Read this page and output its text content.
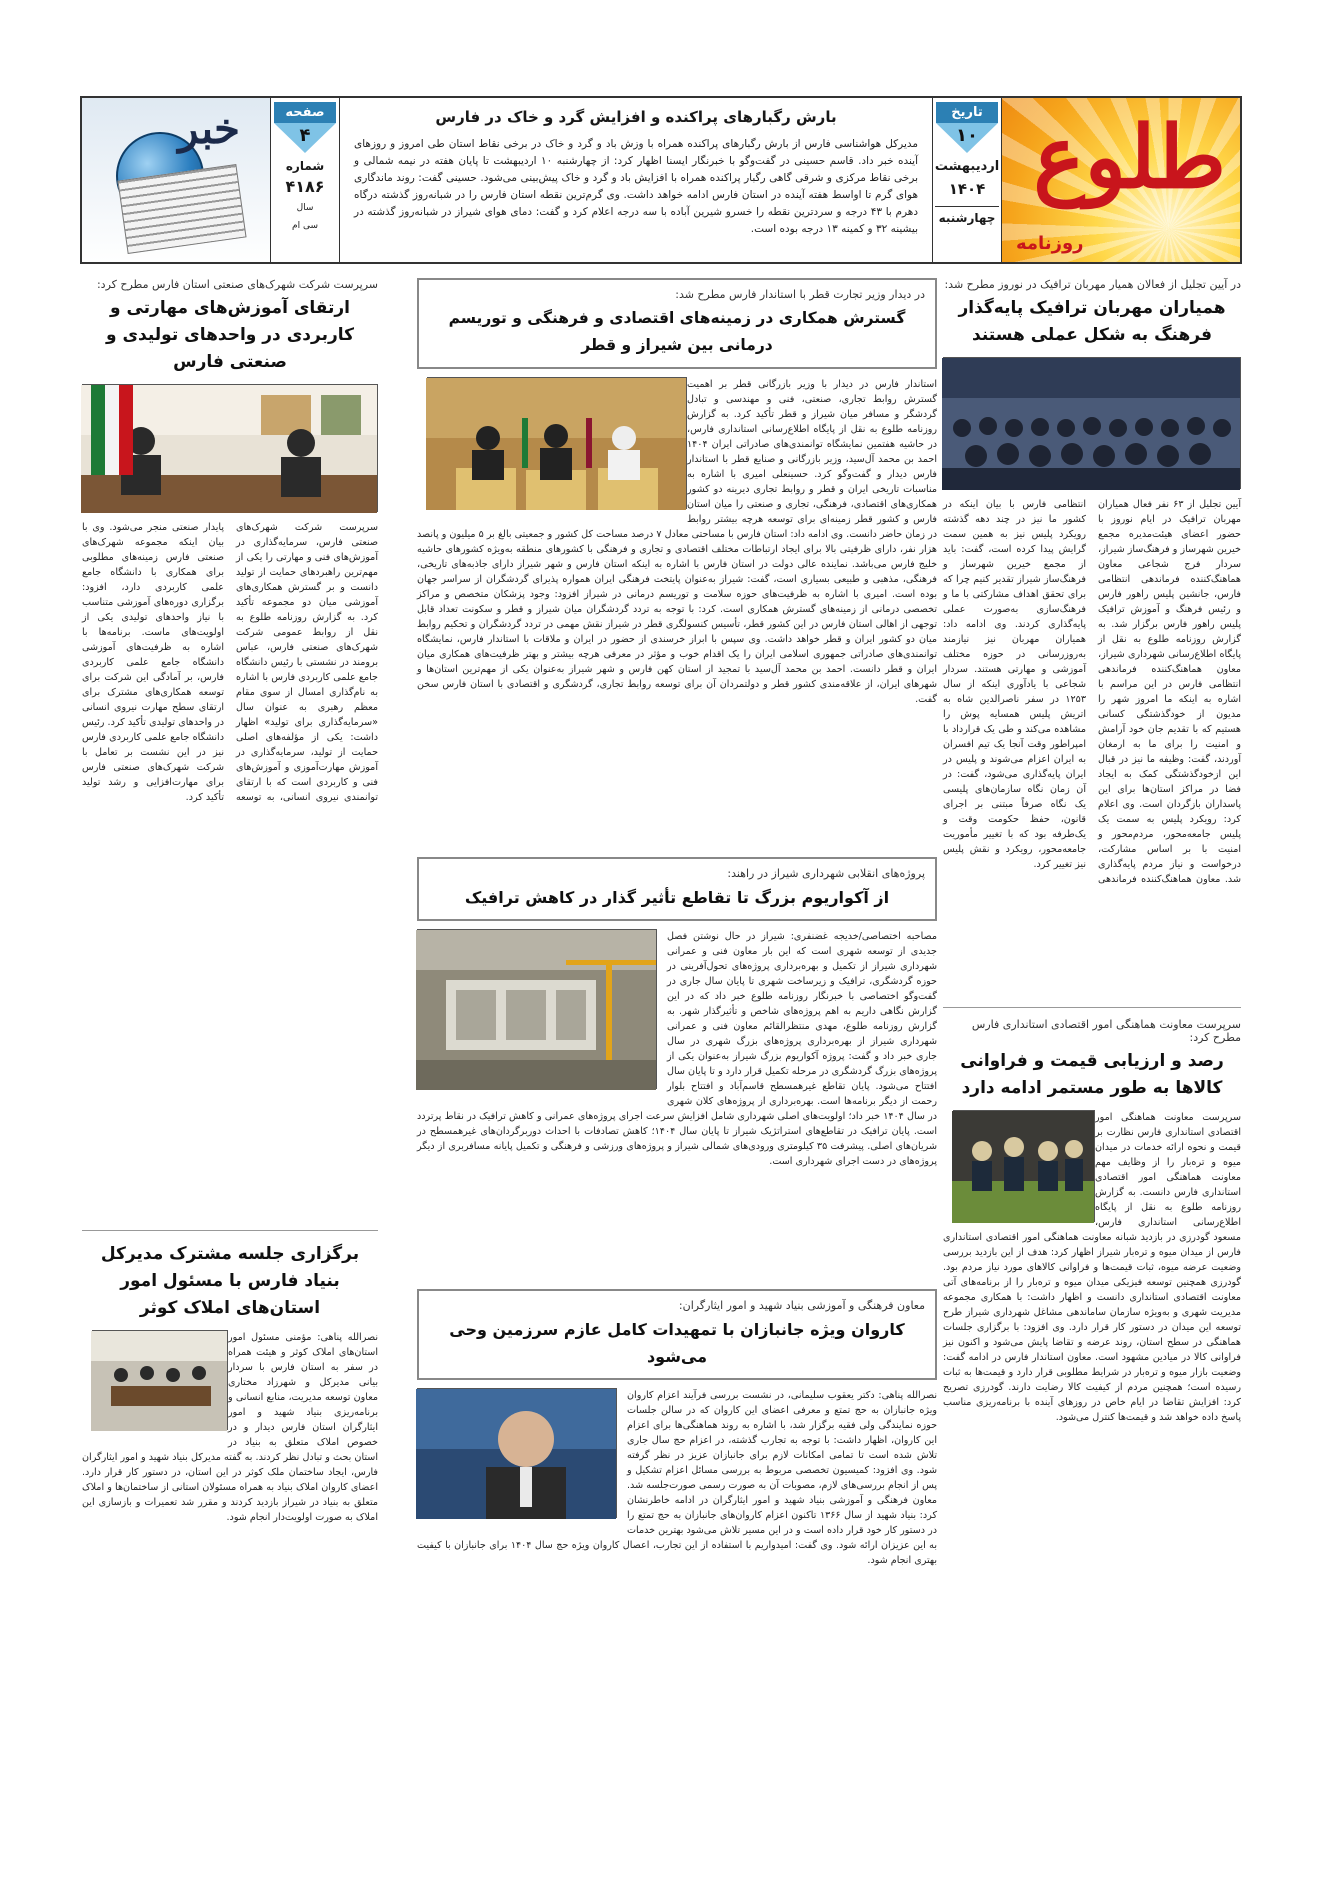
طلوع
روزنامه
تاریخ
۱۰
اردیبهشت
۱۴۰۴
چهارشنبه
بارش رگبارهای پراکنده و افزایش گرد و خاک در فارس
مدیرکل هواشناسی فارس از بارش رگبارهای پراکنده همراه با وزش باد و گرد و خاک در برخی نقاط استان طی امروز و روزهای آینده خبر داد. قاسم حسینی در گفت‌وگو با خبرنگار ایسنا اظهار کرد: از چهارشنبه ۱۰ اردیبهشت تا پایان هفته در نیمه شمالی و برخی نقاط مرکزی و شرقی گاهی رگبار پراکنده همراه با افزایش باد و گرد و خاک پیش‌بینی می‌شود. حسینی گفت: روند ماندگاری هوای گرم تا اواسط هفته آینده در استان فارس ادامه خواهد داشت. وی گرم‌ترین نقطه استان فارس را در شبانه‌روز گذشته درگاه دهرم با ۴۳ درجه و سردترین نقطه را خسرو شیرین آباده با سه درجه اعلام کرد و گفت: دمای هوای شیراز در شبانه‌روز گذشته در بیشینه ۳۲ و کمینه ۱۳ درجه بوده است.
صفحه
۴
شماره
۴۱۸۶
سال
سی ام
خبر
در آیین تجلیل از فعالان همیار مهربان ترافیک در نوروز مطرح شد:
همیاران مهربان ترافیک پایه‌گذار فرهنگ به شکل عملی هستند
آیین تجلیل از ۶۳ نفر فعال همیاران مهربان ترافیک در ایام نوروز با حضور اعضای هیئت‌مدیره مجمع خیرین شهرساز و فرهنگ‌ساز شیراز، سردار فرج شجاعی معاون هماهنگ‌کننده فرماندهی انتظامی فارس، جانشین پلیس راهور فارس و رئیس فرهنگ و آموزش ترافیک پلیس راهور فارس برگزار شد. به گزارش روزنامه طلوع به نقل از پایگاه اطلاع‌رسانی شهرداری شیراز، معاون هماهنگ‌کننده فرماندهی انتظامی فارس در این مراسم با اشاره به اینکه ما امروز شهر را مدیون از خودگذشتگی کسانی هستیم که با تقدیم جان خود آرامش و امنیت را برای ما به ارمغان آوردند، گفت: وظیفه ما نیز در قبال این ازخودگذشتگی کمک به ایجاد فضا در مراکز استان‌ها برای این پاسداران بازگردان است. وی اعلام کرد: رویکرد پلیس به سمت یک پلیس جامعه‌محور، مردم‌محور و امنیت با بر اساس مشارکت، درخواست و نیاز مردم پایه‌گذاری شد. معاون هماهنگ‌کننده فرماندهی انتظامی فارس با بیان اینکه در کشور ما نیز در چند دهه گذشته رویکرد پلیس نیز به همین سمت گرایش پیدا کرده است، گفت: باید از مجمع خیرین شهرساز و فرهنگ‌ساز شیراز تقدیر کنیم چرا که برای تحقق اهداف مشارکتی با ما و فرهنگ‌سازی به‌صورت عملی پایه‌گذاری کردند. وی ادامه داد: همیاران مهربان نیز نیازمند به‌روزرسانی در حوزه مختلف آموزشی و مهارتی هستند. سردار شجاعی با یادآوری اینکه از سال ۱۲۵۳ در سفر ناصرالدین شاه به اتریش پلیس همسایه پوش را مشاهده می‌کند و طی یک قرارداد با امپراطور وقت آنجا یک تیم افسران به ایران اعزام می‌شوند و پلیس در ایران پایه‌گذاری می‌شود، گفت: در آن زمان نگاه سازمان‌های پلیسی یک نگاه صرفاً مبتنی بر اجرای قانون، حفظ حکومت وقت و یک‌طرفه بود که با تغییر مأموریت جامعه‌محور، رویکرد و نقش پلیس نیز تغییر کرد.
سرپرست معاونت هماهنگی امور اقتصادی استانداری فارس مطرح کرد:
رصد و ارزیابی قیمت و فراوانی کالاها به طور مستمر ادامه دارد
سرپرست معاونت هماهنگی امور اقتصادی استانداری فارس نظارت بر قیمت و نحوه ارائه خدمات در میدان میوه و تره‌بار را از وظایف مهم معاونت هماهنگی امور اقتصادی استانداری فارس دانست. به گزارش روزنامه طلوع به نقل از پایگاه اطلاع‌رسانی استانداری فارس، مسعود گودرزی در بازدید شبانه معاونت هماهنگی امور اقتصادی استانداری فارس از میدان میوه و تره‌بار شیراز اظهار کرد: هدف از این بازدید بررسی وضعیت عرضه میوه، ثبات قیمت‌ها و فراوانی کالاهای مورد نیاز مردم بود. گودرزی همچنین توسعه فیزیکی میدان میوه و تره‌بار را از برنامه‌های آتی معاونت اقتصادی استانداری دانست و اظهار داشت: با همکاری مجموعه مدیریت شهری و به‌ویژه سازمان ساماندهی مشاغل شهرداری شیراز طرح توسعه این میدان در دستور کار قرار دارد. وی افزود: با برگزاری جلسات هماهنگی در سطح استان، روند عرضه و تقاضا پایش می‌شود و اکنون نیز فراوانی کالا در میادین مشهود است. معاون استاندار فارس در ادامه گفت: وضعیت بازار میوه و تره‌بار در شرایط مطلوبی قرار دارد و قیمت‌ها به ثبات رسیده است؛ همچنین مردم از کیفیت کالا رضایت دارند. گودرزی تصریح کرد: افزایش تقاضا در ایام خاص در روزهای آینده با برنامه‌ریزی مناسب پاسخ داده خواهد شد و قیمت‌ها کنترل می‌شود.
در دیدار وزیر تجارت قطر با استاندار فارس مطرح شد:
گسترش همکاری در زمینه‌های اقتصادی و فرهنگی و توریسم درمانی بین شیراز و قطر
استاندار فارس در دیدار با وزیر بازرگانی قطر بر اهمیت گسترش روابط تجاری، صنعتی، فنی و مهندسی و تبادل گردشگر و مسافر میان شیراز و قطر تأکید کرد. به گزارش روزنامه طلوع به نقل از پایگاه اطلاع‌رسانی استانداری فارس، در حاشیه هفتمین نمایشگاه توانمندی‌های صادراتی ایران ۱۴۰۴ احمد بن محمد آل‌سید، وزیر بازرگانی و صنایع قطر با استاندار فارس دیدار و گفت‌وگو کرد. حسینعلی امیری با اشاره به مناسبات تاریخی ایران و قطر و روابط تجاری دیرینه دو کشور همکاری‌های اقتصادی، فرهنگی، تجاری و صنعتی را میان استان فارس و کشور قطر زمینه‌ای برای توسعه هرچه بیشتر روابط در زمان حاضر دانست. وی ادامه داد: استان فارس با مساحتی معادل ۷ درصد مساحت کل کشور و جمعیتی بالغ بر ۵ میلیون و پانصد هزار نفر، دارای ظرفیتی بالا برای ایجاد ارتباطات مختلف اقتصادی و تجاری و فرهنگی با کشورهای منطقه به‌ویژه کشورهای حاشیه خلیج فارس می‌باشد. نماینده عالی دولت در استان فارس با اشاره به اینکه استان فارس و شهر شیراز دارای جاذبه‌های تاریخی، فرهنگی، مذهبی و طبیعی بسیاری است، گفت: شیراز به‌عنوان پایتخت فرهنگی ایران همواره پذیرای گردشگران از سراسر جهان بوده است. امیری با اشاره به ظرفیت‌های حوزه سلامت و توریسم درمانی در شیراز افزود: وجود پزشکان متخصص و مراکز تخصصی درمانی از زمینه‌های گسترش همکاری است. کرد: با توجه به تردد گردشگران میان شیراز و قطر و سکونت تعداد قابل توجهی از اهالی استان فارس در این کشور قطر، تأسیس کنسولگری قطر در شیراز نقش مهمی در تردد گردشگران و تحکیم روابط میان دو کشور ایران و قطر خواهد داشت. وی سپس با ابراز خرسندی از حضور در ایران و ملاقات با استاندار فارس، نمایشگاه توانمندی‌های صادراتی جمهوری اسلامی ایران را یک اقدام خوب و مؤثر در معرفی هرچه بیشتر و بهتر ظرفیت‌های همکاری میان ایران و قطر دانست. احمد بن محمد آل‌سید با تمجید از استان کهن فارس و شهر شیراز به‌عنوان یکی از مهم‌ترین استان‌ها و شهرهای ایران، از علاقه‌مندی کشور قطر و دولتمردان آن برای توسعه روابط تجاری، گردشگری و اقتصادی با استان فارس سخن گفت.
پروژه‌های انقلابی شهرداری شیراز در راهند:
از آکواریوم بزرگ تا تقاطع تأثیر گذار در کاهش ترافیک
مصاحبه اختصاصی/خدیجه غضنفری: شیراز در حال نوشتن فصل جدیدی از توسعه شهری است که این بار معاون فنی و عمرانی شهرداری شیراز از تکمیل و بهره‌برداری پروژه‌های تحول‌آفرینی در حوزه گردشگری، ترافیک و زیرساخت شهری تا پایان سال جاری در گفت‌وگو اختصاصی با خبرنگار روزنامه طلوع خبر داد که در این گزارش نگاهی داریم به اهم پروژه‌های شاخص و تأثیرگذار شهر. به گزارش روزنامه طلوع، مهدی منتظرالقائم معاون فنی و عمرانی شهرداری شیراز از بهره‌برداری پروژه‌های بزرگ شهری در سال جاری خبر داد و گفت: پروژه آکواریوم بزرگ شیراز به‌عنوان یکی از پروژه‌های بزرگ گردشگری در مرحله تکمیل قرار دارد و تا پایان سال افتتاح می‌شود. پایان تقاطع غیرهمسطح قاسم‌آباد و افتتاح بلوار رحمت از دیگر برنامه‌ها است. بهره‌برداری از پروژه‌های کلان شهری در سال ۱۴۰۴ خبر داد؛ اولویت‌های اصلی شهرداری شامل افزایش سرعت اجرای پروژه‌های عمرانی و کاهش ترافیک در نقاط پرتردد است. پایان ترافیک در تقاطع‌های استراتژیک شیراز تا پایان سال ۱۴۰۴؛ کاهش تصادفات با احداث دوربرگردان‌های غیرهمسطح در شریان‌های اصلی. پیشرفت ۳۵ کیلومتری ورودی‌های شمالی شیراز و پروژه‌های ورزشی و فرهنگی و تکمیل پایانه مسافربری از دیگر پروژه‌های در دست اجرای شهرداری است.
معاون فرهنگی و آموزشی بنیاد شهید و امور ایثارگران:
کاروان ویژه جانبازان با تمهیدات کامل عازم سرزمین وحی می‌شود
نصرالله پناهی: دکتر یعقوب سلیمانی، در نشست بررسی فرآیند اعزام کاروان ویژه جانبازان به حج تمتع و معرفی اعضای این کاروان که در سالن جلسات حوزه نمایندگی ولی فقیه برگزار شد، با اشاره به روند هماهنگی‌ها برای اعزام این کاروان، اظهار داشت: با توجه به تجارب گذشته، در اعزام حج سال جاری تلاش شده است تا تمامی امکانات لازم برای جانبازان عزیز در نظر گرفته شود. وی افزود: کمیسیون تخصصی مربوط به بررسی مسائل اعزام تشکیل و پس از انجام بررسی‌های لازم، مصوبات آن به صورت رسمی صورت‌جلسه شد. معاون فرهنگی و آموزشی بنیاد شهید و امور ایثارگران در ادامه خاطرنشان کرد: بنیاد شهید از سال ۱۳۶۶ تاکنون اعزام کاروان‌های جانبازان به حج تمتع را در دستور کار خود قرار داده است و در این مسیر تلاش می‌شود بهترین خدمات به این عزیزان ارائه شود. وی گفت: امیدواریم با استفاده از این تجارب، اعصال کاروان ویژه حج سال ۱۴۰۴ برای جانبازان با کیفیت بهتری انجام شود.
سرپرست شرکت شهرک‌های صنعتی استان فارس مطرح کرد:
ارتقای آموزش‌های مهارتی و کاربردی در واحدهای تولیدی و صنعتی فارس
سرپرست شرکت شهرک‌های صنعتی فارس، سرمایه‌گذاری در آموزش‌های فنی و مهارتی را یکی از مهم‌ترین راهبردهای حمایت از تولید دانست و بر گسترش همکاری‌های آموزشی میان دو مجموعه تأکید کرد. به گزارش روزنامه طلوع به نقل از روابط عمومی شرکت شهرک‌های صنعتی فارس، عباس برومند در نشستی با رئیس دانشگاه جامع علمی کاربردی فارس با اشاره به نام‌گذاری امسال از سوی مقام معظم رهبری به عنوان سال «سرمایه‌گذاری برای تولید» اظهار داشت: یکی از مؤلفه‌های اصلی حمایت از تولید، سرمایه‌گذاری در آموزش مهارت‌آموزی و آموزش‌های فنی و کاربردی است که با ارتقای توانمندی نیروی انسانی، به توسعه پایدار صنعتی منجر می‌شود. وی با بیان اینکه مجموعه شهرک‌های صنعتی فارس زمینه‌های مطلوبی برای همکاری با دانشگاه جامع علمی کاربردی دارد، افزود: برگزاری دوره‌های آموزشی متناسب با نیاز واحدهای تولیدی یکی از اولویت‌های ماست. برنامه‌ها با اشاره به ظرفیت‌های آموزشی دانشگاه جامع علمی کاربردی فارس، بر آمادگی این شرکت برای توسعه همکاری‌های مشترک برای ارتقای سطح مهارت نیروی انسانی در واحدهای تولیدی تأکید کرد. رئیس دانشگاه جامع علمی کاربردی فارس نیز در این نشست بر تعامل با شرکت شهرک‌های صنعتی فارس برای مهارت‌افزایی و رشد تولید تأکید کرد.
برگزاری جلسه مشترک مدیرکل بنیاد فارس با مسئول امور استان‌های املاک کوثر
نصرالله پناهی: مؤمنی مسئول امور استان‌های املاک کوثر و هیئت همراه در سفر به استان فارس با سردار بیانی مدیرکل و شهرزاد مختاری معاون توسعه مدیریت، منابع انسانی و برنامه‌ریزی بنیاد شهید و امور ایثارگران استان فارس دیدار و در خصوص املاک متعلق به بنیاد در استان بحث و تبادل نظر کردند. به گفته مدیرکل بنیاد شهید و امور ایثارگران فارس، ایجاد ساختمان ملک کوثر در این استان، در دستور کار قرار دارد. اعضای کاروان املاک بنیاد به همراه مسئولان استانی از ساختمان‌ها و املاک متعلق به بنیاد در شیراز بازدید کردند و مقرر شد تعمیرات و بازسازی این املاک به صورت اولویت‌دار انجام شود.
